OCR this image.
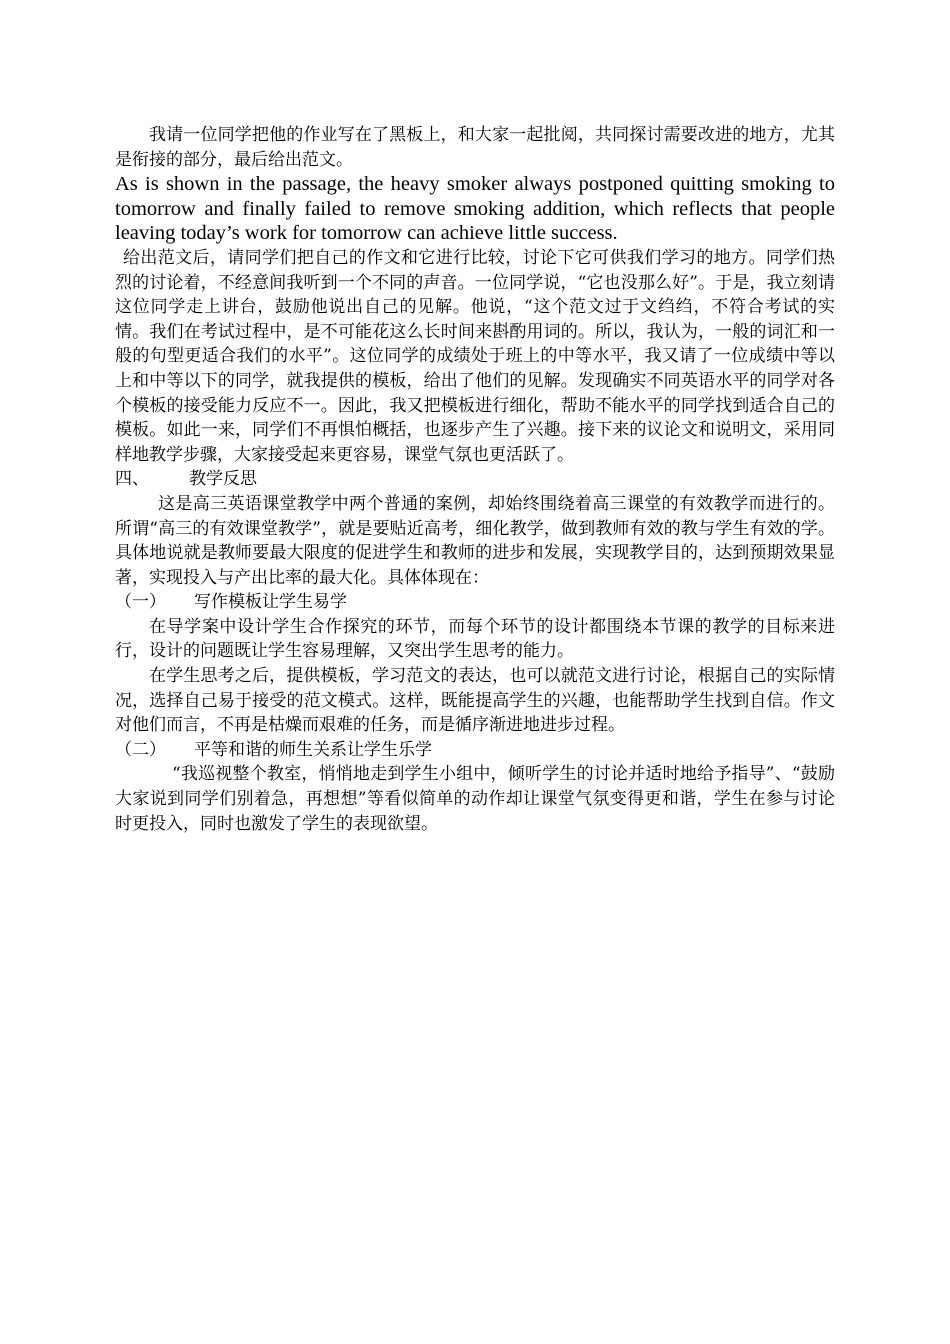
我请一位同学把他的作业写在了黑板上，和大家一起批阅，共同探讨需要改进的地方，尤其是衔接的部分，最后给出范文。

As is shown in the passage, the heavy smoker always postponed quitting smoking to tomorrow and finally failed to remove smoking addition, which reflects that people leaving today’s work for tomorrow can achieve little success.

给出范文后，请同学们把自己的作文和它进行比较，讨论下它可供我们学习的地方。同学们热烈的讨论着，不经意间我听到一个不同的声音。一位同学说，“它也没那么好”。于是，我立刻请这位同学走上讲台，鼓励他说出自己的见解。他说，“这个范文过于文绉绉，不符合考试的实情。我们在考试过程中，是不可能花这么长时间来斟酌用词的。所以，我认为，一般的词汇和一般的句型更适合我们的水平”。这位同学的成绩处于班上的中等水平，我又请了一位成绩中等以上和中等以下的同学，就我提供的模板，给出了他们的见解。发现确实不同英语水平的同学对各个模板的接受能力反应不一。因此，我又把模板进行细化，帮助不能水平的同学找到适合自己的模板。如此一来，同学们不再惧怕概括，也逐步产生了兴趣。接下来的议论文和说明文，采用同样地教学步骤，大家接受起来更容易，课堂气氛也更活跃了。

四、 教学反思

这是高三英语课堂教学中两个普通的案例，却始终围绕着高三课堂的有效教学而进行的。所谓“高三的有效课堂教学”，就是要贴近高考，细化教学，做到教师有效的教与学生有效的学。具体地说就是教师要最大限度的促进学生和教师的进步和发展，实现教学目的，达到预期效果显著，实现投入与产出比率的最大化。具体体现在：

（一） 写作模板让学生易学

在导学案中设计学生合作探究的环节，而每个环节的设计都围绕本节课的教学的目标来进行，设计的问题既让学生容易理解，又突出学生思考的能力。

在学生思考之后，提供模板，学习范文的表达，也可以就范文进行讨论，根据自己的实际情况，选择自己易于接受的范文模式。这样，既能提高学生的兴趣，也能帮助学生找到自信。作文对他们而言，不再是枯燥而艰难的任务，而是循序渐进地进步过程。

（二） 平等和谐的师生关系让学生乐学

“我巡视整个教室，悄悄地走到学生小组中，倾听学生的讨论并适时地给予指导”、“鼓励大家说到同学们别着急，再想想”等看似简单的动作却让课堂气氛变得更和谐，学生在参与讨论时更投入，同时也激发了学生的表现欲望。
